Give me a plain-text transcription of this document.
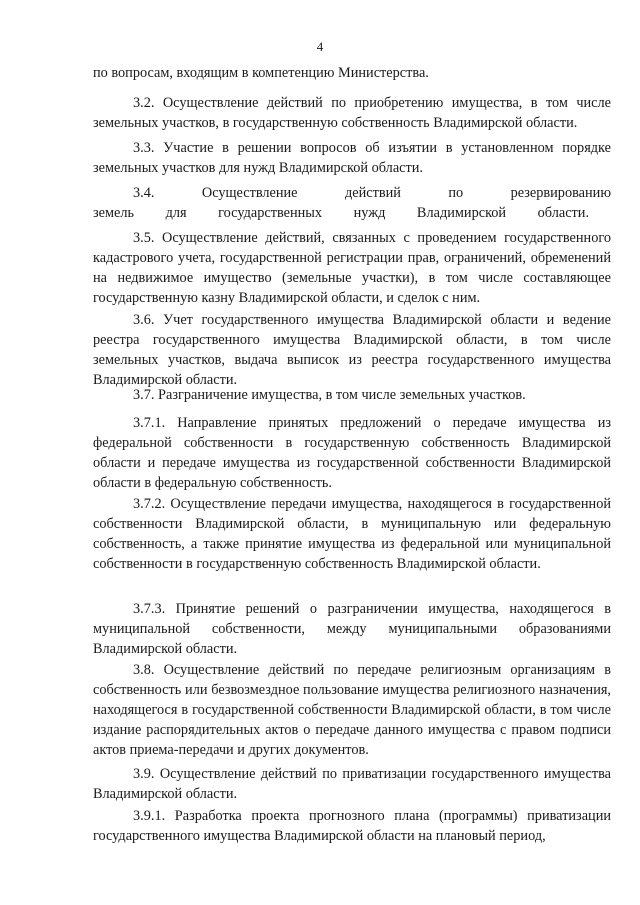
4

по вопросам, входящим в компетенцию Министерства.

3.2. Осуществление действий по приобретению имущества, в том числе земельных участков, в государственную собственность Владимирской области.

3.3. Участие в решении вопросов об изъятии в установленном порядке земельных участков для нужд Владимирской области.

3.4. Осуществление действий по резервированию земель для государственных нужд Владимирской области.

3.5. Осуществление действий, связанных с проведением государственного кадастрового учета, государственной регистрации прав, ограничений, обременений на недвижимое имущество (земельные участки), в том числе составляющее государственную казну Владимирской области, и сделок с ним.

3.6. Учет государственного имущества Владимирской области и ведение реестра государственного имущества Владимирской области, в том числе земельных участков, выдача выписок из реестра государственного имущества Владимирской области.

3.7. Разграничение имущества, в том числе земельных участков.

3.7.1. Направление принятых предложений о передаче имущества из федеральной собственности в государственную собственность Владимирской области и передаче имущества из государственной собственности Владимирской области в федеральную собственность.

3.7.2. Осуществление передачи имущества, находящегося в государственной собственности Владимирской области, в муниципальную или федеральную собственность, а также принятие имущества из федеральной или муниципальной собственности в государственную собственность Владимирской области.

3.7.3. Принятие решений о разграничении имущества, находящегося в муниципальной собственности, между муниципальными образованиями Владимирской области.

3.8. Осуществление действий по передаче религиозным организациям в собственность или безвозмездное пользование имущества религиозного назначения, находящегося в государственной собственности Владимирской области, в том числе издание распорядительных актов о передаче данного имущества с правом подписи актов приема-передачи и других документов.

3.9. Осуществление действий по приватизации государственного имущества Владимирской области.

3.9.1. Разработка проекта прогнозного плана (программы) приватизации государственного имущества Владимирской области на плановый период,
